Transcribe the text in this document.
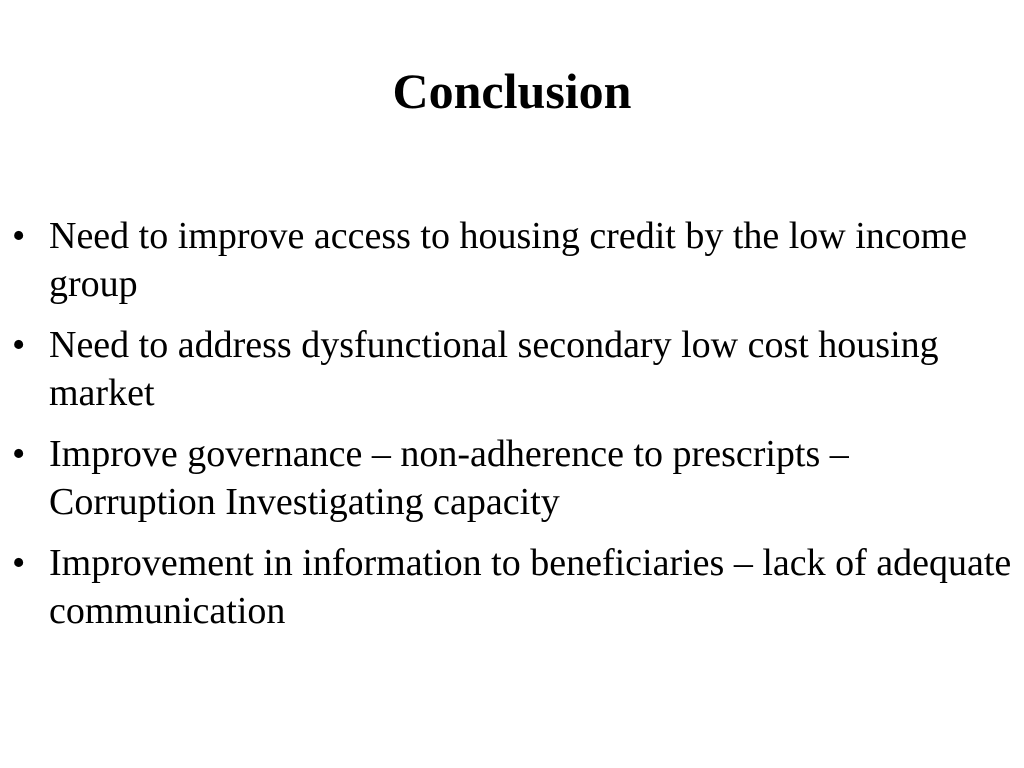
Conclusion
• Need to improve access to housing credit by the low income group
• Need to address dysfunctional secondary low cost housing market
• Improve governance – non-adherence to prescripts – Corruption Investigating capacity
• Improvement in information to beneficiaries – lack of adequate communication
